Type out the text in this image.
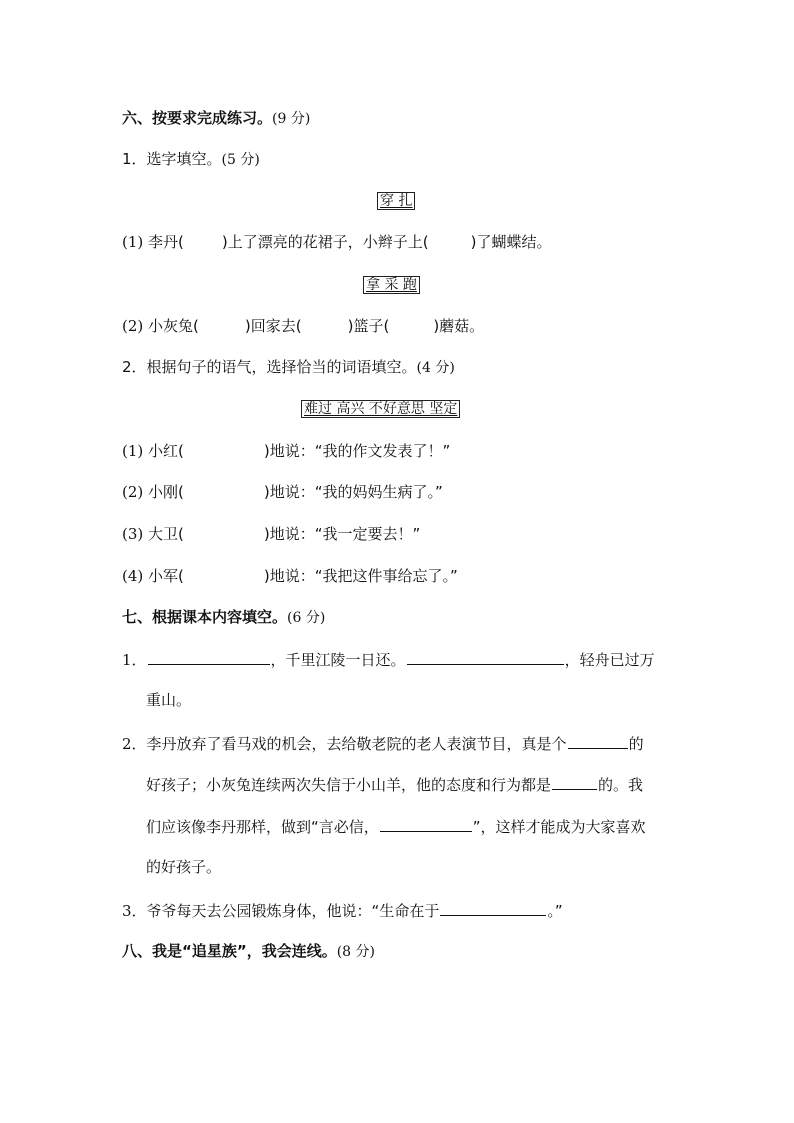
六、按要求完成练习。(9 分)
1．选字填空。(5 分)
穿 扎
(1) 李丹(	)上了漂亮的花裙子，小辫子上(	)了蝴蝶结。
拿 采 跑
(2) 小灰兔(	)回家去(	)篮子(	)蘑菇。
2．根据句子的语气，选择恰当的词语填空。(4 分)
难过 高兴 不好意思 坚定
(1) 小红(	)地说：“我的作文发表了！”
(2) 小刚(	)地说：“我的妈妈生病了。”
(3) 大卫(	)地说：“我一定要去！”
(4) 小军(	)地说：“我把这件事给忘了。”
七、根据课本内容填空。(6 分)
1．	，千里江陵一日还。	，轻舟已过万
重山。
2．李丹放弃了看马戏的机会，去给敬老院的老人表演节目，真是个	的
好孩子；小灰兔连续两次失信于小山羊，他的态度和行为都是	的。我
们应该像李丹那样，做到“言必信，	”，这样才能成为大家喜欢
的好孩子。
3．爷爷每天去公园锻炼身体，他说：“生命在于	。”
八、我是“追星族”，我会连线。(8 分)
